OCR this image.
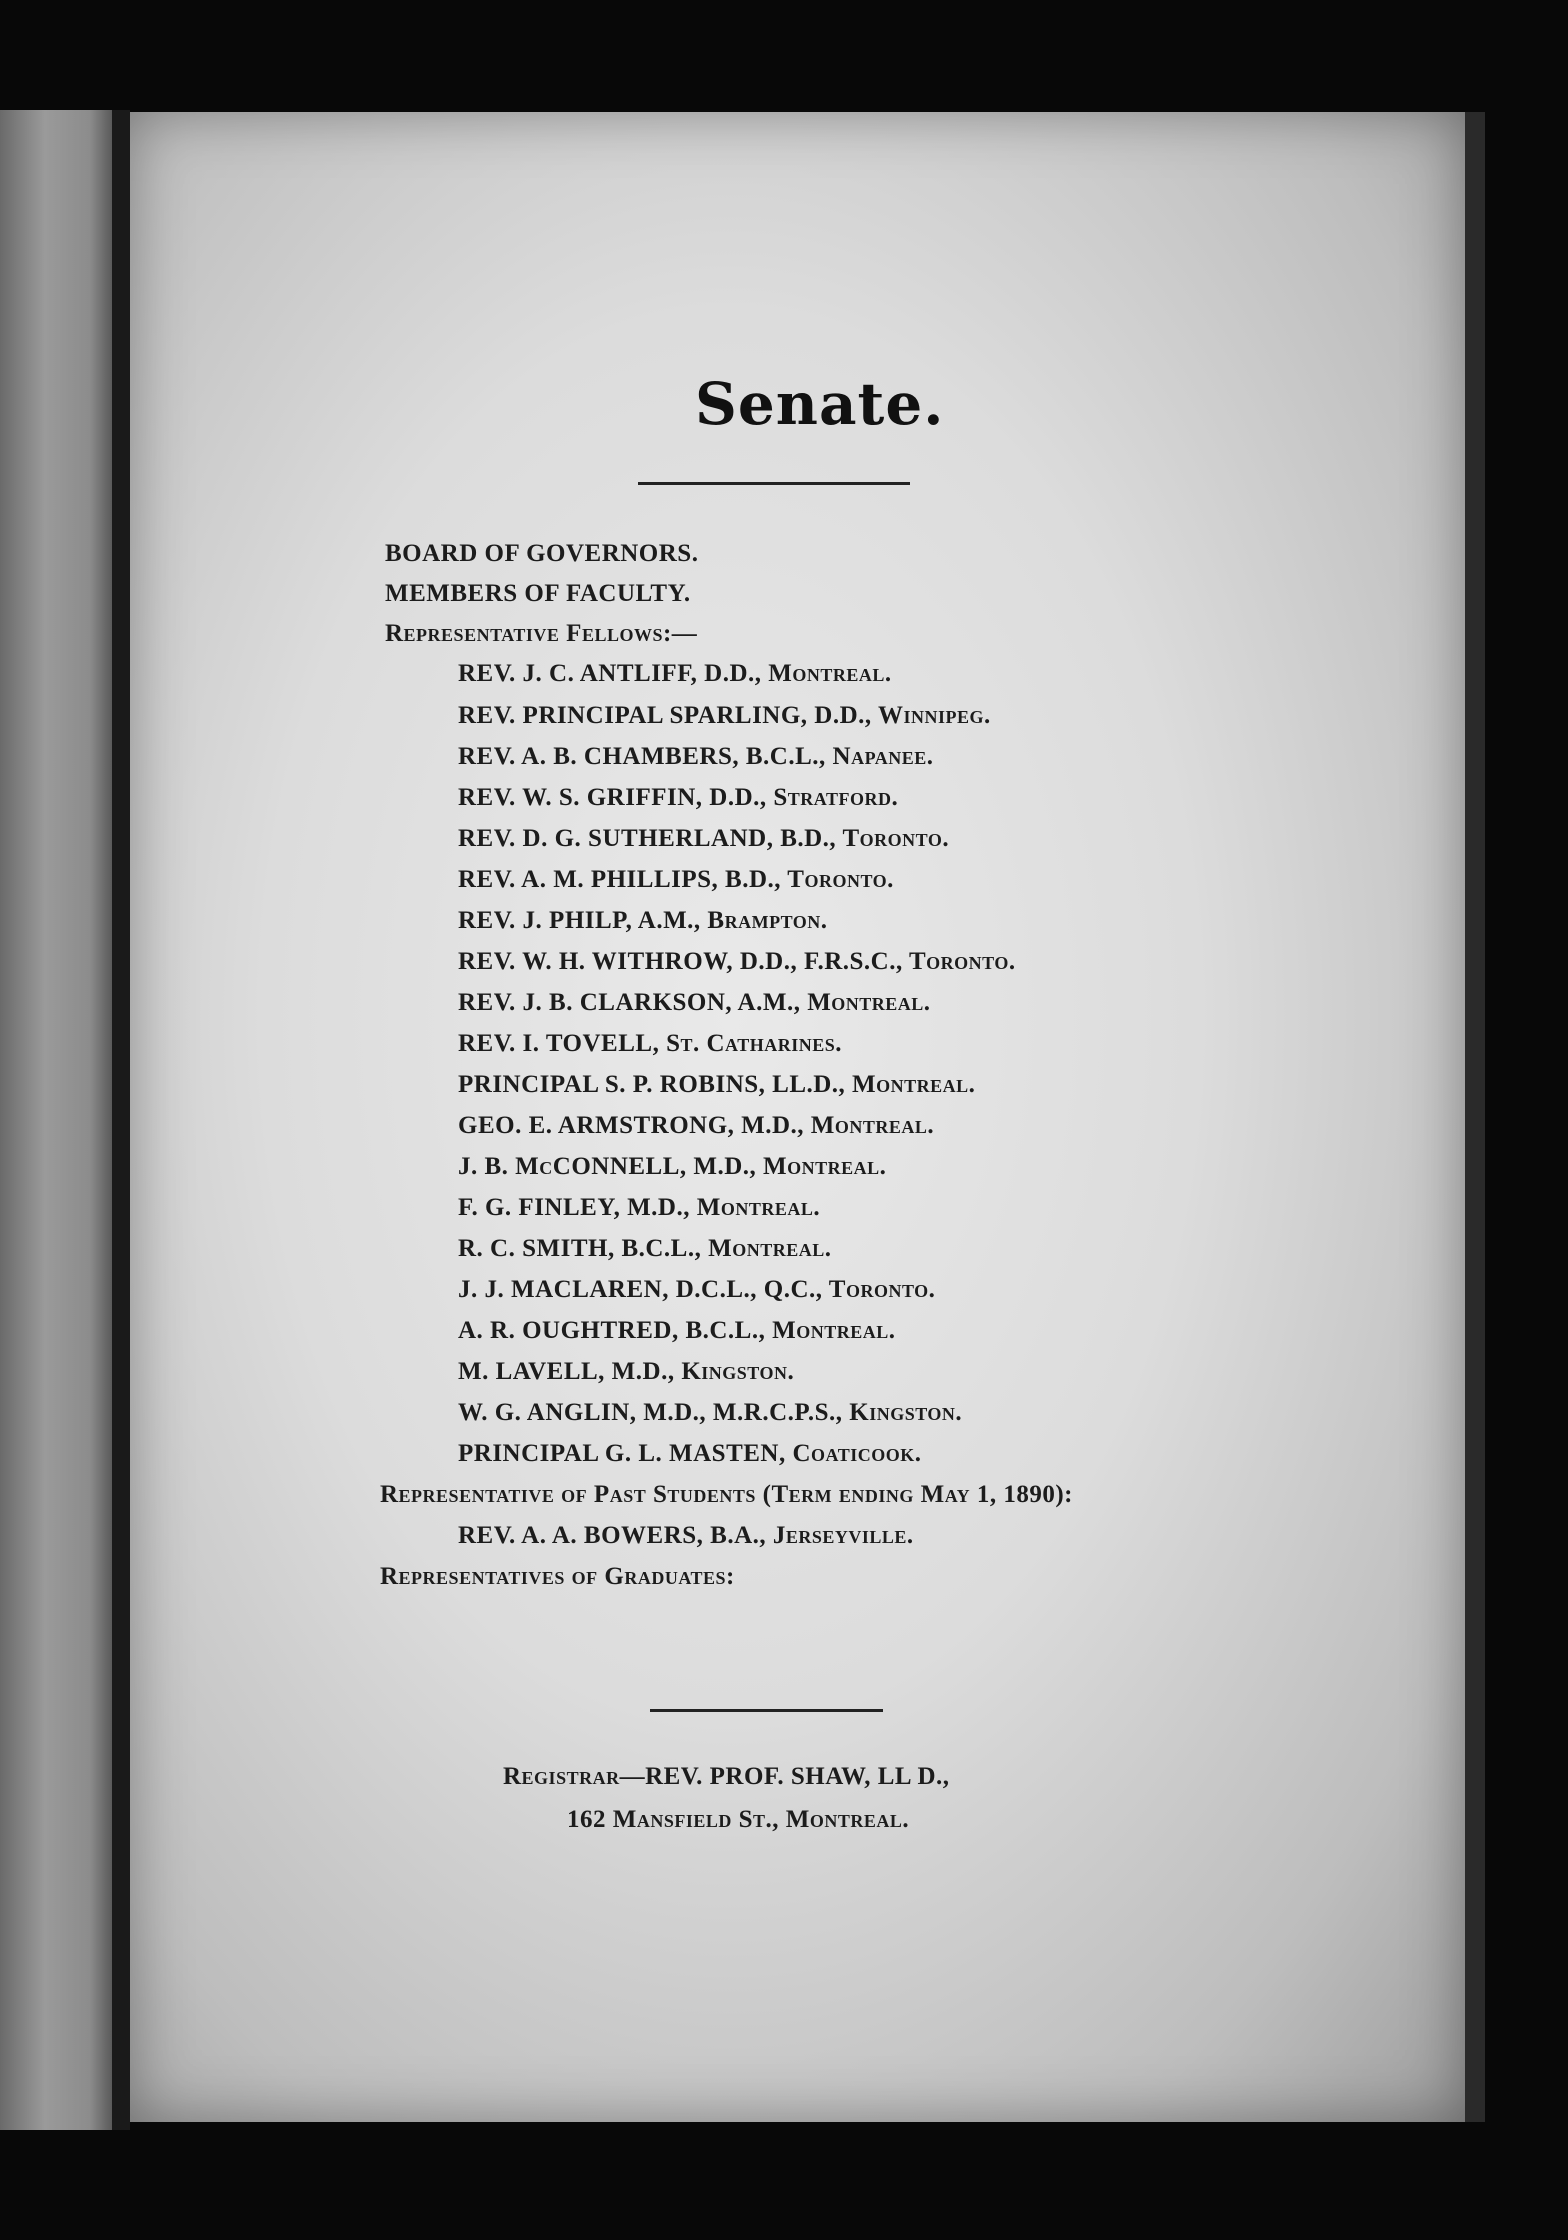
Senate.
BOARD OF GOVERNORS.
MEMBERS OF FACULTY.
Representative Fellows:—
REV. J. C. ANTLIFF, D.D., Montreal.
REV. PRINCIPAL SPARLING, D.D., Winnipeg.
REV. A. B. CHAMBERS, B.C.L., Napanee.
REV. W. S. GRIFFIN, D.D., Stratford.
REV. D. G. SUTHERLAND, B.D., Toronto.
REV. A. M. PHILLIPS, B.D., Toronto.
REV. J. PHILP, A.M., Brampton.
REV. W. H. WITHROW, D.D., F.R.S.C., Toronto.
REV. J. B. CLARKSON, A.M., Montreal.
REV. I. TOVELL, St. Catharines.
PRINCIPAL S. P. ROBINS, LL.D., Montreal.
GEO. E. ARMSTRONG, M.D., Montreal.
J. B. McCONNELL, M.D., Montreal.
F. G. FINLEY, M.D., Montreal.
R. C. SMITH, B.C.L., Montreal.
J. J. MACLAREN, D.C.L., Q.C., Toronto.
A. R. OUGHTRED, B.C.L., Montreal.
M. LAVELL, M.D., Kingston.
W. G. ANGLIN, M.D., M.R.C.P.S., Kingston.
PRINCIPAL G. L. MASTEN, Coaticook.
Representative of Past Students (Term ending May 1, 1890):
REV. A. A. BOWERS, B.A., Jerseyville.
Representatives of Graduates:
Registrar—REV. PROF. SHAW, LL D.,
162 Mansfield St., Montreal.
